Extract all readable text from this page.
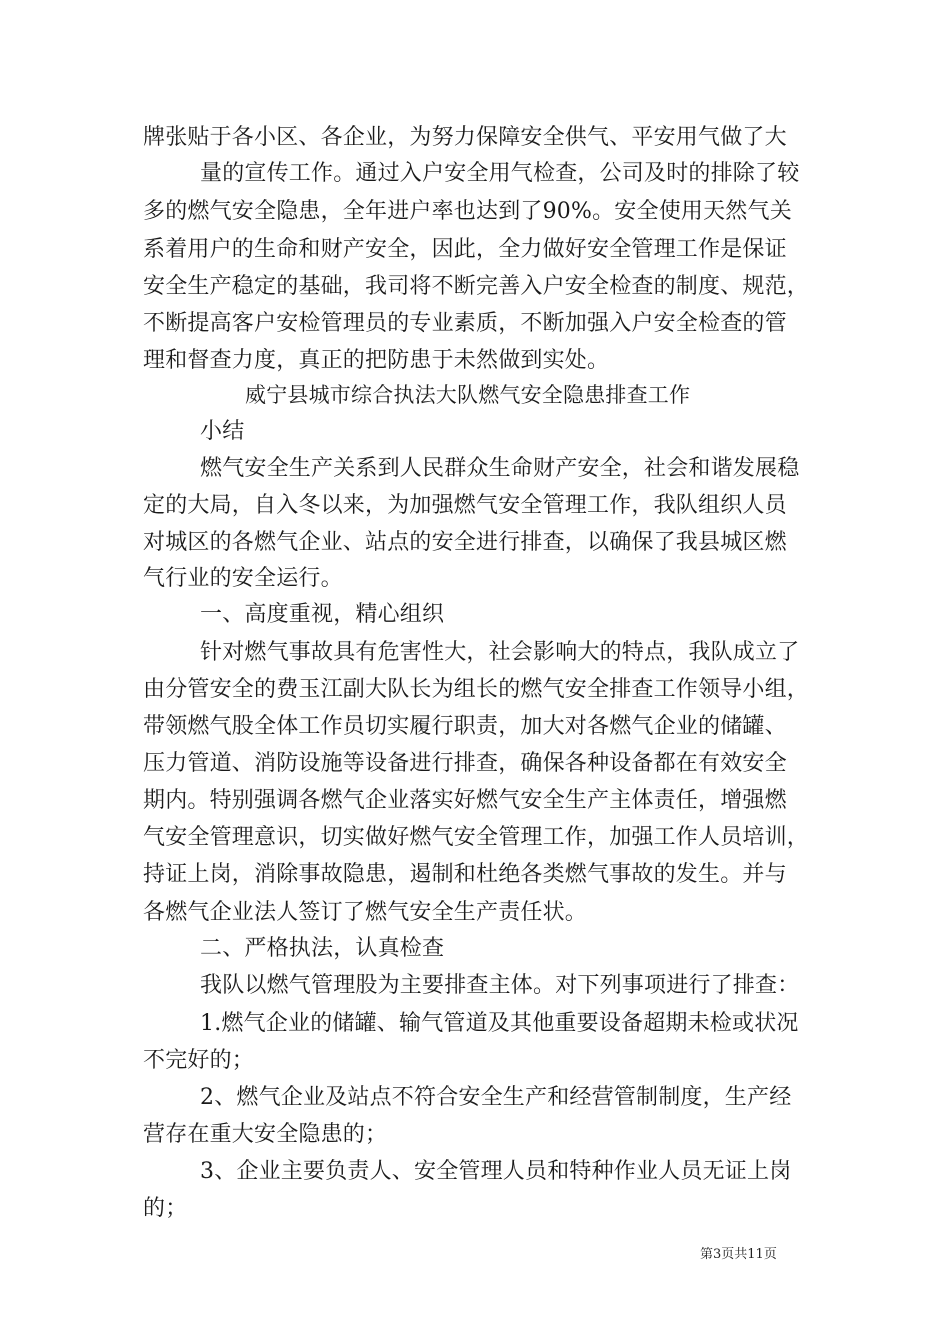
牌张贴于各小区、各企业，为努力保障安全供气、平安用气做了大
量的宣传工作。通过入户安全用气检查，公司及时的排除了较
多的燃气安全隐患，全年进户率也达到了90%。安全使用天然气关
系着用户的生命和财产安全，因此，全力做好安全管理工作是保证
安全生产稳定的基础，我司将不断完善入户安全检查的制度、规范，
不断提高客户安检管理员的专业素质，不断加强入户安全检查的管
理和督查力度，真正的把防患于未然做到实处。
威宁县城市综合执法大队燃气安全隐患排查工作
小结
燃气安全生产关系到人民群众生命财产安全，社会和谐发展稳
定的大局，自入冬以来，为加强燃气安全管理工作，我队组织人员
对城区的各燃气企业、站点的安全进行排查，以确保了我县城区燃
气行业的安全运行。
一、高度重视，精心组织
针对燃气事故具有危害性大，社会影响大的特点，我队成立了
由分管安全的费玉江副大队长为组长的燃气安全排查工作领导小组，
带领燃气股全体工作员切实履行职责，加大对各燃气企业的储罐、
压力管道、消防设施等设备进行排查，确保各种设备都在有效安全
期内。特别强调各燃气企业落实好燃气安全生产主体责任，增强燃
气安全管理意识，切实做好燃气安全管理工作，加强工作人员培训，
持证上岗，消除事故隐患，遏制和杜绝各类燃气事故的发生。并与
各燃气企业法人签订了燃气安全生产责任状。
二、严格执法，认真检查
我队以燃气管理股为主要排查主体。对下列事项进行了排查：
1.燃气企业的储罐、输气管道及其他重要设备超期未检或状况
不完好的；
2、燃气企业及站点不符合安全生产和经营管制制度，生产经
营存在重大安全隐患的；
3、企业主要负责人、安全管理人员和特种作业人员无证上岗
的；
第3页共11页
